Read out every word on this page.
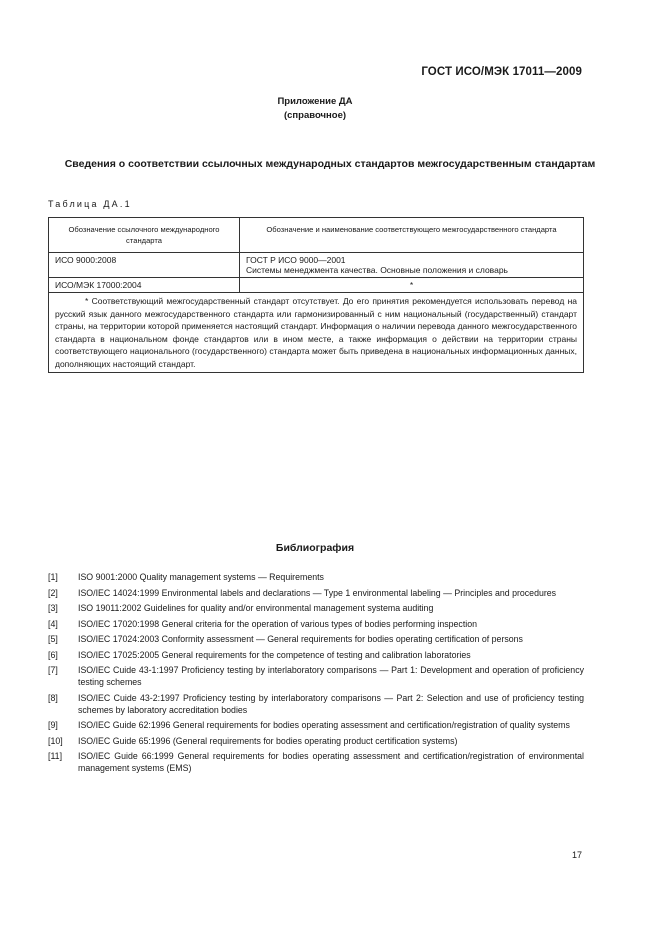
ГОСТ ИСО/МЭК 17011—2009
Приложение ДА
(справочное)
Сведения о соответствии ссылочных международных стандартов межгосударственным стандартам
Таблица ДА.1
Обозначение ссылочного международного стандарта	Обозначение и наименование соответствующего межгосударственного стандарта
ИСО 9000:2008	ГОСТ Р ИСО 9000—2001
Системы менеджмента качества. Основные положения и словарь

ИСО/МЭК 17000:2004	*
* Соответствующий межгосударственный стандарт отсутствует. До его принятия рекомендуется использовать перевод на русский язык данного межгосударственного стандарта или гармонизированный с ним национальный (государственный) стандарт страны, на территории которой применяется настоящий стандарт. Информация о наличии перевода данного межгосударственного стандарта в национальном фонде стандартов или в ином месте, а также информация о действии на территории страны соответствующего национального (государственного) стандарта может быть приведена в национальных информационных данных, дополняющих настоящий стандарт.	
Библиография
[1]	ISO 9001:2000 Quality management systems — Requirements
[2]	ISO/IEC 14024:1999 Environmental labels and declarations — Type 1 environmental labeling — Principles and procedures
[3]	ISO 19011:2002 Guidelines for quality and/or environmental management systema auditing
[4]	ISO/IEC 17020:1998 General criteria for the operation of various types of bodies performing inspection
[5]	ISO/IEC 17024:2003 Conformity assessment — General requirements for bodies operating certification of persons
[6]	ISO/IEC 17025:2005 General requirements for the competence of testing and calibration laboratories
[7]	ISO/IEC Cuide 43-1:1997 Proficiency testing by interlaboratory comparisons — Part 1: Development and operation of proficiency testing schemes
[8]	ISO/IEC Cuide 43-2:1997 Proficiency testing by interlaboratory comparisons — Part 2: Selection and use of proficiency testing schemes by laboratory accreditation bodies
[9]	ISO/IEC Guide 62:1996 General requirements for bodies operating assessment and certification/registration of quality systems
[10]	ISO/IEC Guide 65:1996 (General requirements for bodies operating product certification systems)
[11]	ISO/IEC Guide 66:1999 General requirements for bodies operating assessment and certification/registration of environmental management systems (EMS)
17
